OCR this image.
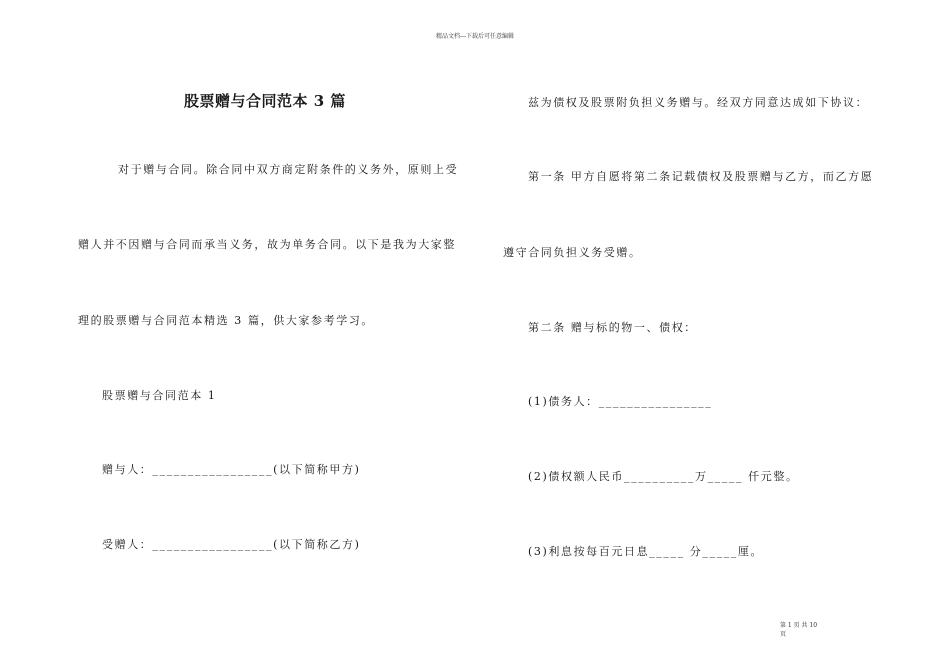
精品文档---下载后可任意编辑
股票赠与合同范本 3 篇
对于赠与合同。除合同中双方商定附条件的义务外，原则上受
赠人并不因赠与合同而承当义务，故为单务合同。以下是我为大家整
理的股票赠与合同范本精选 3 篇，供大家参考学习。
股票赠与合同范本 1
赠与人：_________________(以下简称甲方)
受赠人：_________________(以下简称乙方)
兹为债权及股票附负担义务赠与。经双方同意达成如下协议：
第一条 甲方自愿将第二条记载债权及股票赠与乙方，而乙方愿
遵守合同负担义务受赠。
第二条 赠与标的物一、债权：
(1)债务人：________________
(2)债权额人民币__________万_____ 仟元整。
(3)利息按每百元日息_____ 分_____厘。
第 1 页 共 10
页
